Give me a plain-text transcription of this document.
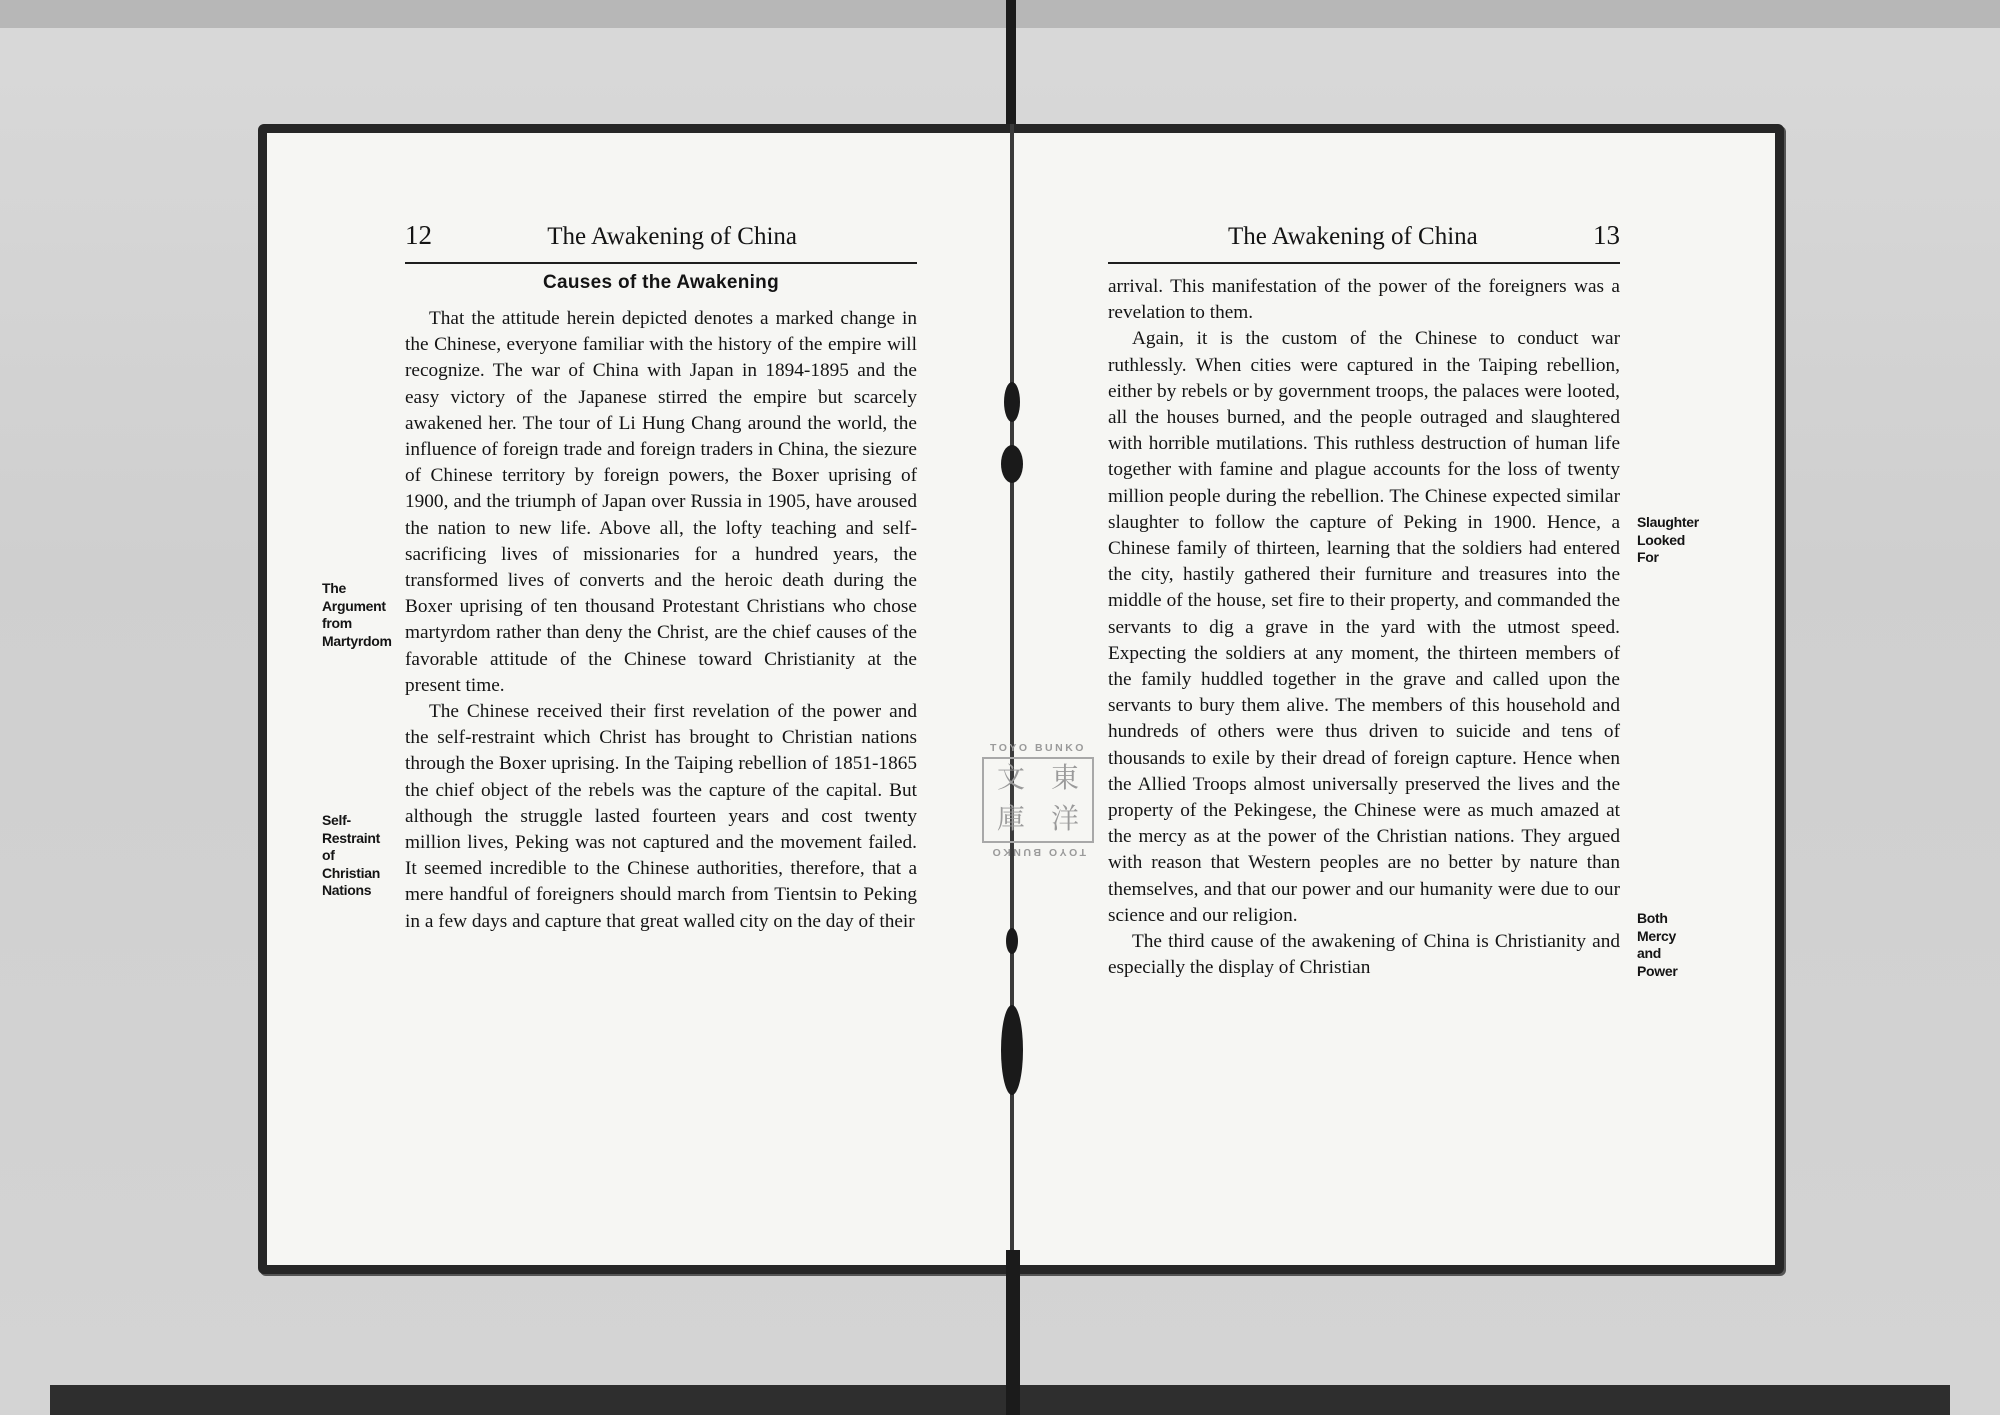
12	The Awakening of China
Causes of the Awakening

That the attitude herein depicted denotes a marked change in the Chinese, everyone familiar with the history of the empire will recognize. The war of China with Japan in 1894-1895 and the easy victory of the Japanese stirred the empire but scarcely awakened her. The tour of Li Hung Chang around the world, the influence of foreign trade and foreign traders in China, the siezure of Chinese territory by foreign powers, the Boxer uprising of 1900, and the triumph of Japan over Russia in 1905, have aroused the nation to new life. Above all, the lofty teaching and self-sacrificing lives of missionaries for a hundred years, the transformed lives of converts and the heroic death during the Boxer uprising of ten thousand Protestant Christians who chose martyrdom rather than deny the Christ, are the chief causes of the favorable attitude of the Chinese toward Christianity at the present time.

The Chinese received their first revelation of the power and the self-restraint which Christ has brought to Christian nations through the Boxer uprising. In the Taiping rebellion of 1851-1865 the chief object of the rebels was the capture of the capital. But although the struggle lasted fourteen years and cost twenty million lives, Peking was not captured and the movement failed. It seemed incredible to the Chinese authorities, therefore, that a mere handful of foreigners should march from Tientsin to Peking in a few days and capture that great walled city on the day of their

The
Argument
from
Martyrdom
Self-
Restraint
of
Christian
Nations
The Awakening of China	13

arrival. This manifestation of the power of the foreigners was a revelation to them.

Again, it is the custom of the Chinese to conduct war ruthlessly. When cities were captured in the Taiping rebellion, either by rebels or by government troops, the palaces were looted, all the houses burned, and the people outraged and slaughtered with horrible mutilations. This ruthless destruction of human life together with famine and plague accounts for the loss of twenty million people during the rebellion. The Chinese expected similar slaughter to follow the capture of Peking in 1900. Hence, a Chinese family of thirteen, learning that the soldiers had entered the city, hastily gathered their furniture and treasures into the middle of the house, set fire to their property, and commanded the servants to dig a grave in the yard with the utmost speed. Expecting the soldiers at any moment, the thirteen members of the family huddled together in the grave and called upon the servants to bury them alive. The members of this household and hundreds of others were thus driven to suicide and tens of thousands to exile by their dread of foreign capture. Hence when the Allied Troops almost universally preserved the lives and the property of the Pekingese, the Chinese were as much amazed at the mercy as at the power of the Christian nations. They argued with reason that Western peoples are no better by nature than themselves, and that our power and our humanity were due to our science and our religion.

The third cause of the awakening of China is Christianity and especially the display of Christian

Slaughter
Looked
For
Both
Mercy
and
Power
TOYO BUNKO
文 東
庫 洋
TOYO BUNKO
